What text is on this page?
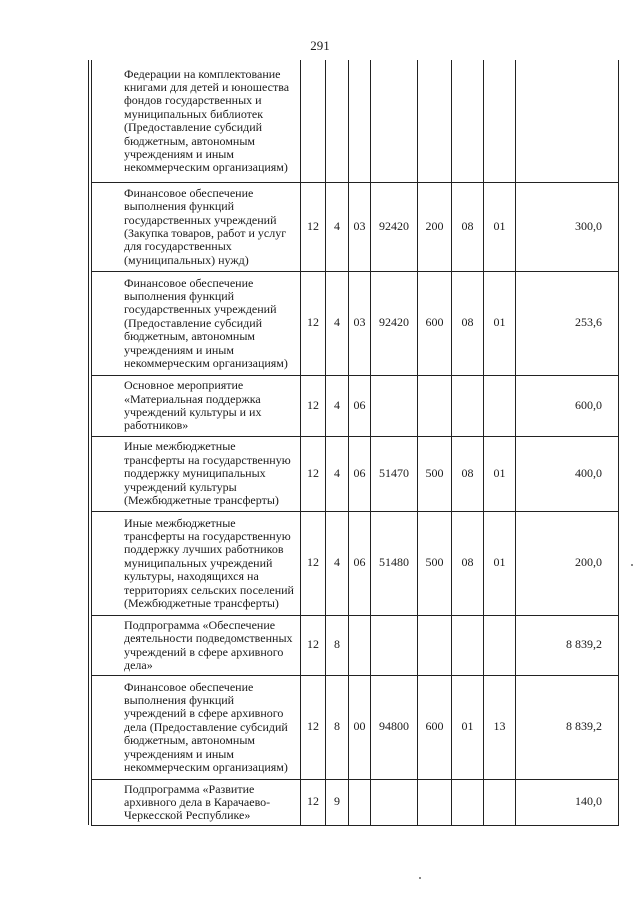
291
	Федерации на комплектование книгами для детей и юношества фондов государственных и муниципальных библиотек (Предоставление субсидий бюджетным, автономным учреждениям и иным некоммерческим организациям)								
	Финансовое обеспечение выполнения функций государственных учреждений (Закупка товаров, работ и услуг для государственных (муниципальных) нужд)	12	4	03	92420	200	08	01	300,0
	Финансовое обеспечение выполнения функций государственных учреждений (Предоставление субсидий бюджетным, автономным учреждениям и иным некоммерческим организациям)	12	4	03	92420	600	08	01	253,6
	Основное мероприятие «Материальная поддержка учреждений культуры и их работников»	12	4	06					600,0
	Иные межбюджетные трансферты на государственную поддержку муниципальных учреждений культуры (Межбюджетные трансферты)	12	4	06	51470	500	08	01	400,0
	Иные межбюджетные трансферты на государственную поддержку лучших работников муниципальных учреждений культуры, находящихся на территориях сельских поселений (Межбюджетные трансферты)	12	4	06	51480	500	08	01	200,0
	Подпрограмма «Обеспечение деятельности подведомственных учреждений в сфере архивного дела»	12	8						8 839,2
	Финансовое обеспечение выполнения функций учреждений в сфере архивного дела (Предоставление субсидий бюджетным, автономным учреждениям и иным некоммерческим организациям)	12	8	00	94800	600	01	13	8 839,2
	Подпрограмма «Развитие архивного дела в Карачаево-Черкесской Республике»	12	9						140,0
